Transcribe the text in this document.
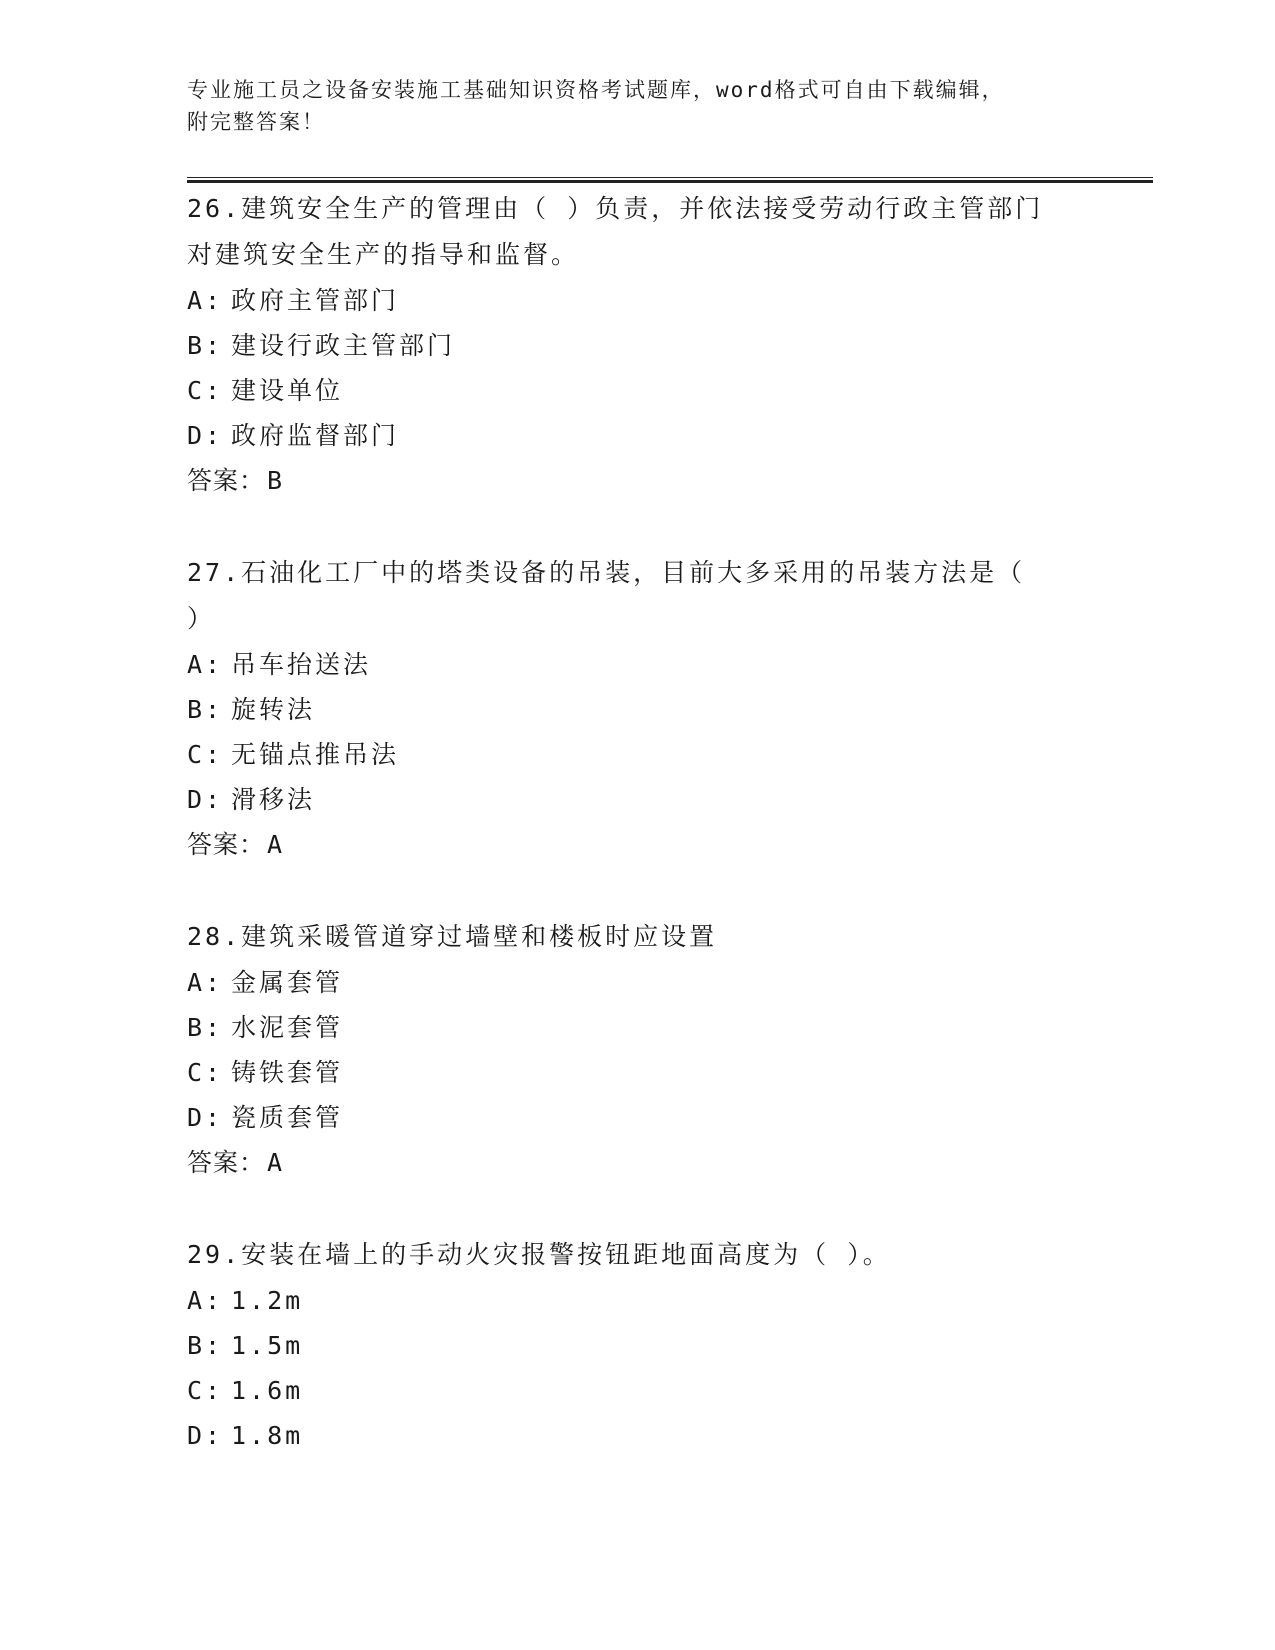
专业施工员之设备安装施工基础知识资格考试题库，word格式可自由下载编辑，
附完整答案！
26.建筑安全生产的管理由（ ）负责，并依法接受劳动行政主管部门
对建筑安全生产的指导和监督。
A: 政府主管部门
B: 建设行政主管部门
C: 建设单位
D: 政府监督部门
答案：B
27.石油化工厂中的塔类设备的吊装，目前大多采用的吊装方法是（
）
A: 吊车抬送法
B: 旋转法
C: 无锚点推吊法
D: 滑移法
答案：A
28.建筑采暖管道穿过墙壁和楼板时应设置
A: 金属套管
B: 水泥套管
C: 铸铁套管
D: 瓷质套管
答案：A
29.安装在墙上的手动火灾报警按钮距地面高度为（ ）。
A: 1.2m
B: 1.5m
C: 1.6m
D: 1.8m
